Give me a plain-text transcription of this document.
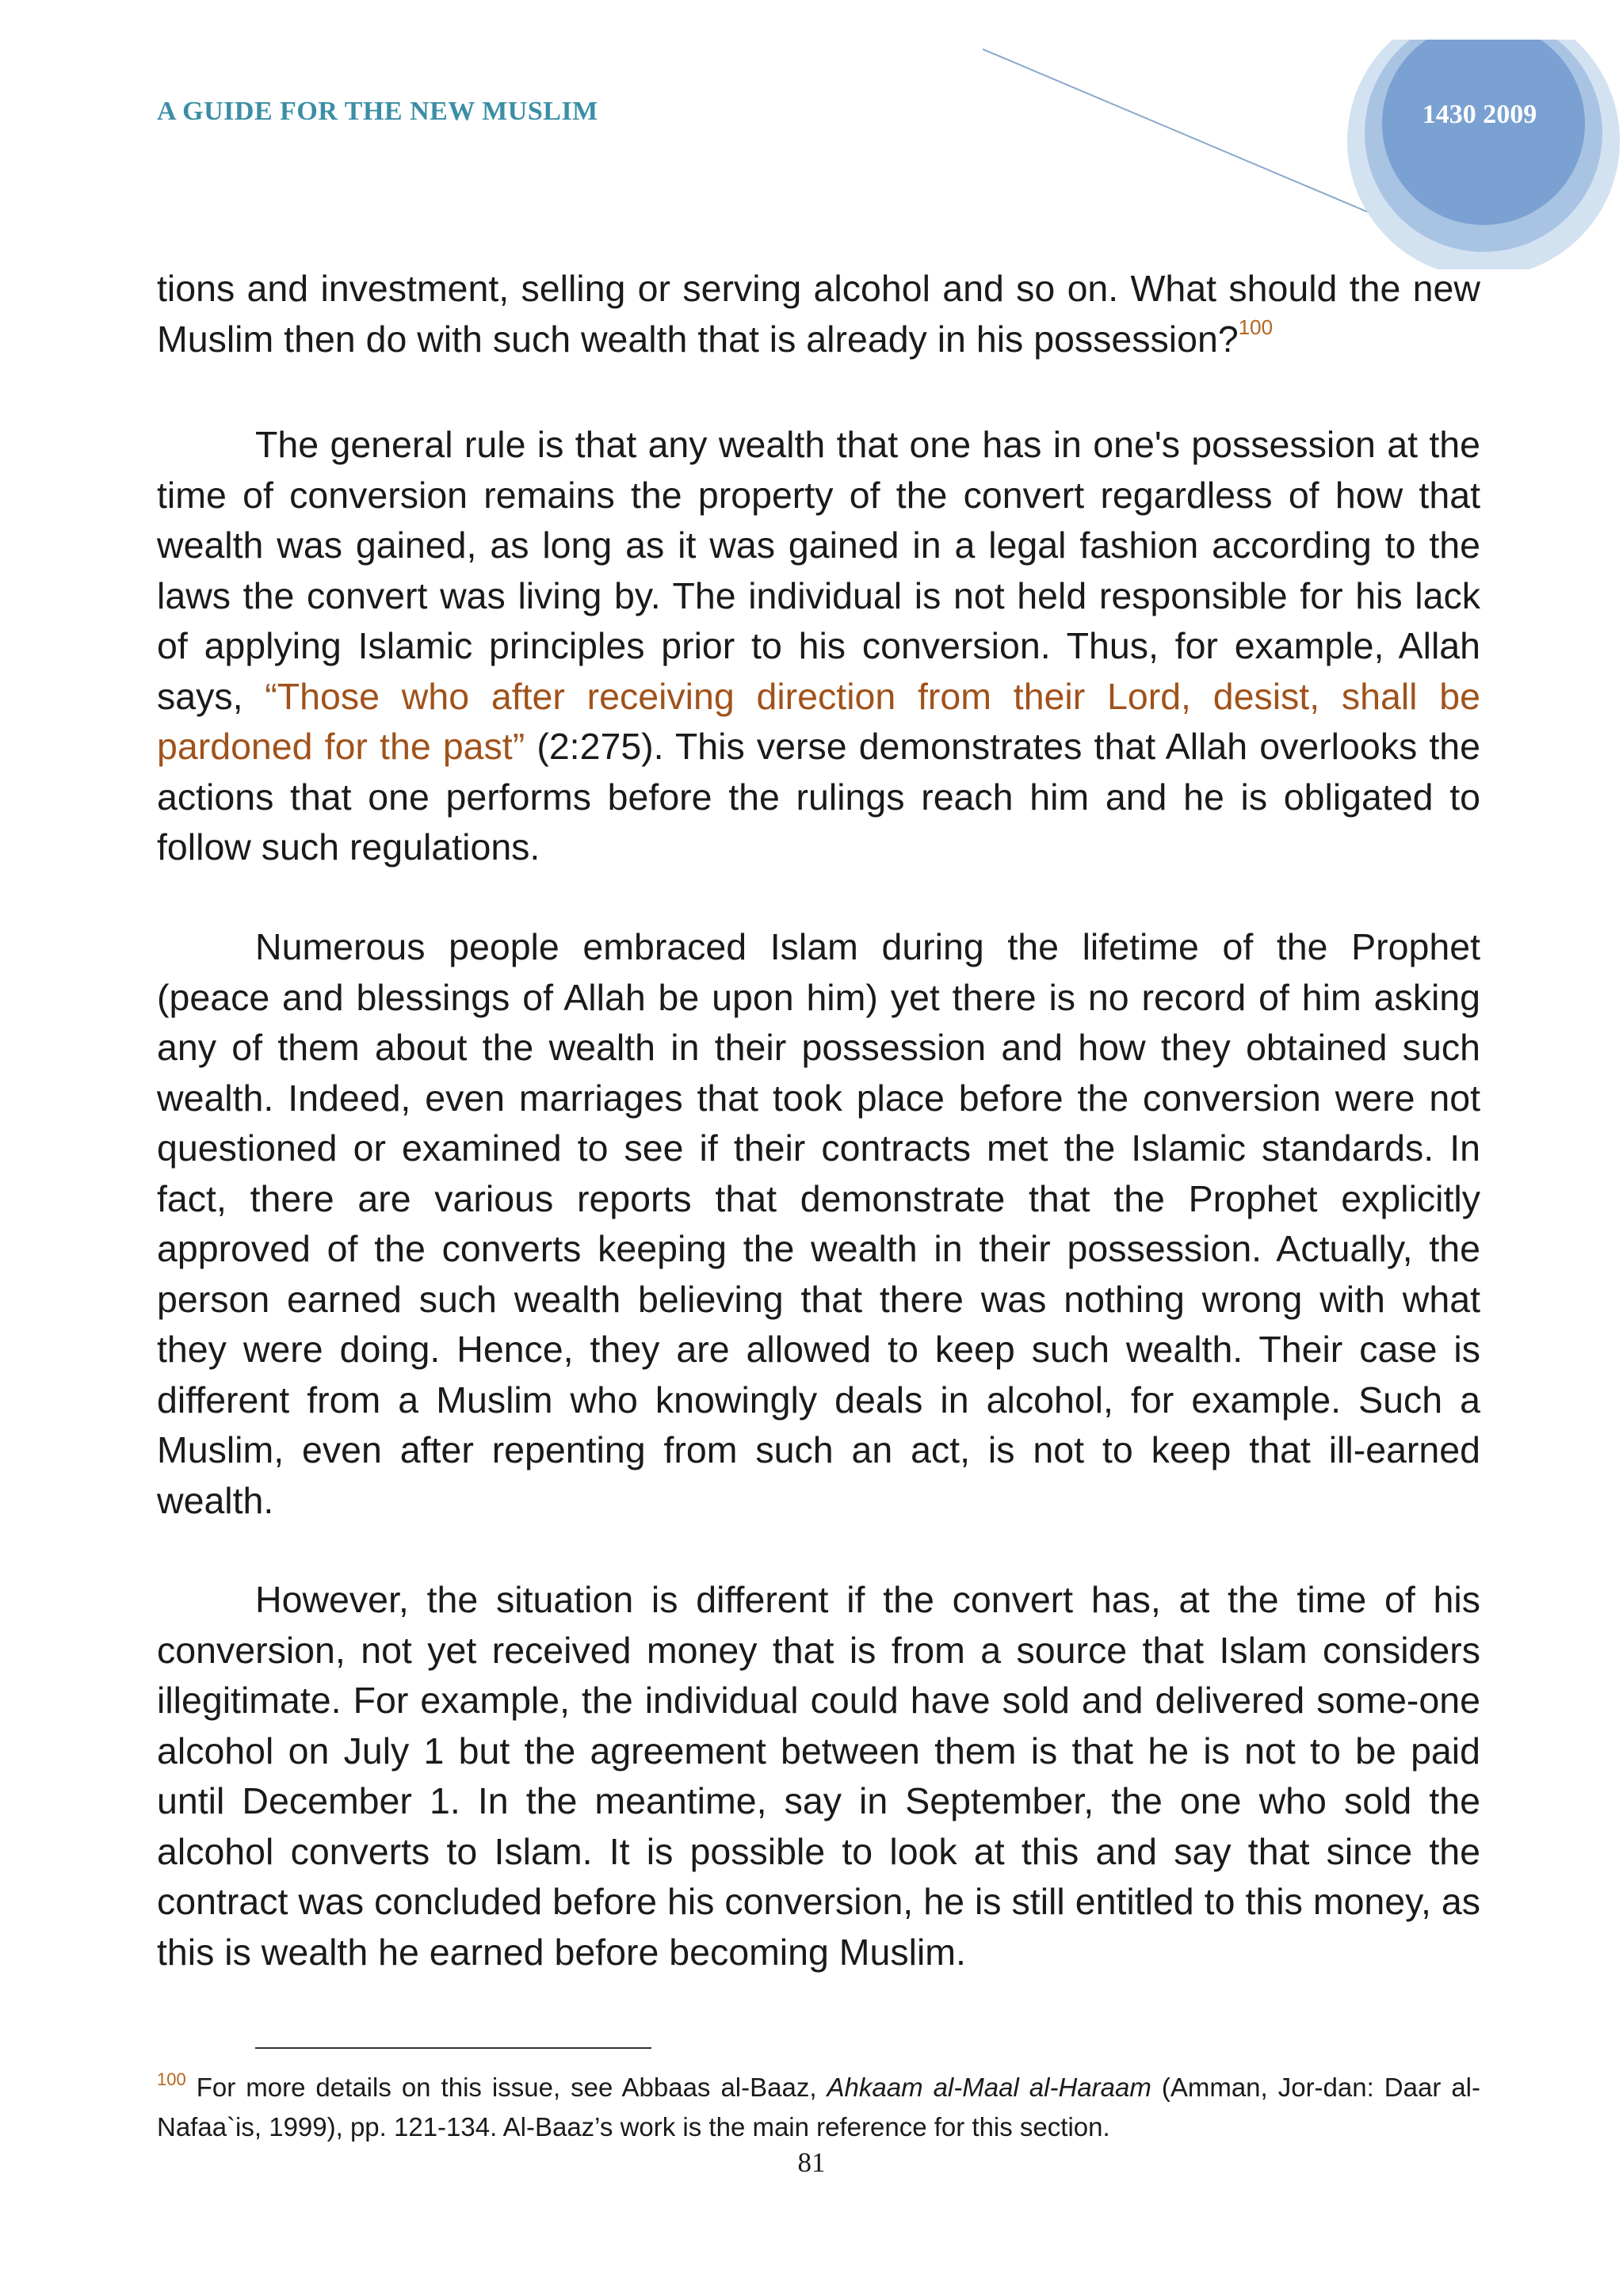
A GUIDE FOR THE NEW MUSLIM	1430 2009

tions and investment, selling or serving alcohol and so on. What should the new Muslim then do with such wealth that is already in his possession?$^{100}$

The general rule is that any wealth that one has in one's possession at the time of conversion remains the property of the convert regardless of how that wealth was gained, as long as it was gained in a legal fashion according to the laws the convert was living by. The individual is not held responsible for his lack of applying Islamic principles prior to his conversion. Thus, for example, Allah says, “Those who after receiving direction from their Lord, desist, shall be pardoned for the past” (2:275). This verse demonstrates that Allah overlooks the actions that one performs before the rulings reach him and he is obligated to follow such regulations.

Numerous people embraced Islam during the lifetime of the Prophet (peace and blessings of Allah be upon him) yet there is no record of him asking any of them about the wealth in their possession and how they obtained such wealth. Indeed, even marriages that took place before the conversion were not questioned or examined to see if their contracts met the Islamic standards. In fact, there are various reports that demonstrate that the Prophet explicitly approved of the converts keeping the wealth in their possession. Actually, the person earned such wealth believing that there was nothing wrong with what they were doing. Hence, they are allowed to keep such wealth. Their case is different from a Muslim who knowingly deals in alcohol, for example. Such a Muslim, even after repenting from such an act, is not to keep that ill-earned wealth.

However, the situation is different if the convert has, at the time of his conversion, not yet received money that is from a source that Islam considers illegitimate. For example, the individual could have sold and delivered some-one alcohol on July 1 but the agreement between them is that he is not to be paid until December 1. In the meantime, say in September, the one who sold the alcohol converts to Islam. It is possible to look at this and say that since the contract was concluded before his conversion, he is still entitled to this money, as this is wealth he earned before becoming Muslim.

$^{100}$ For more details on this issue, see Abbaas al-Baaz, Ahkaam al-Maal al-Haraam (Amman, Jor-dan: Daar al-Nafaa`is, 1999), pp. 121-134. Al-Baaz’s work is the main reference for this section.

81
